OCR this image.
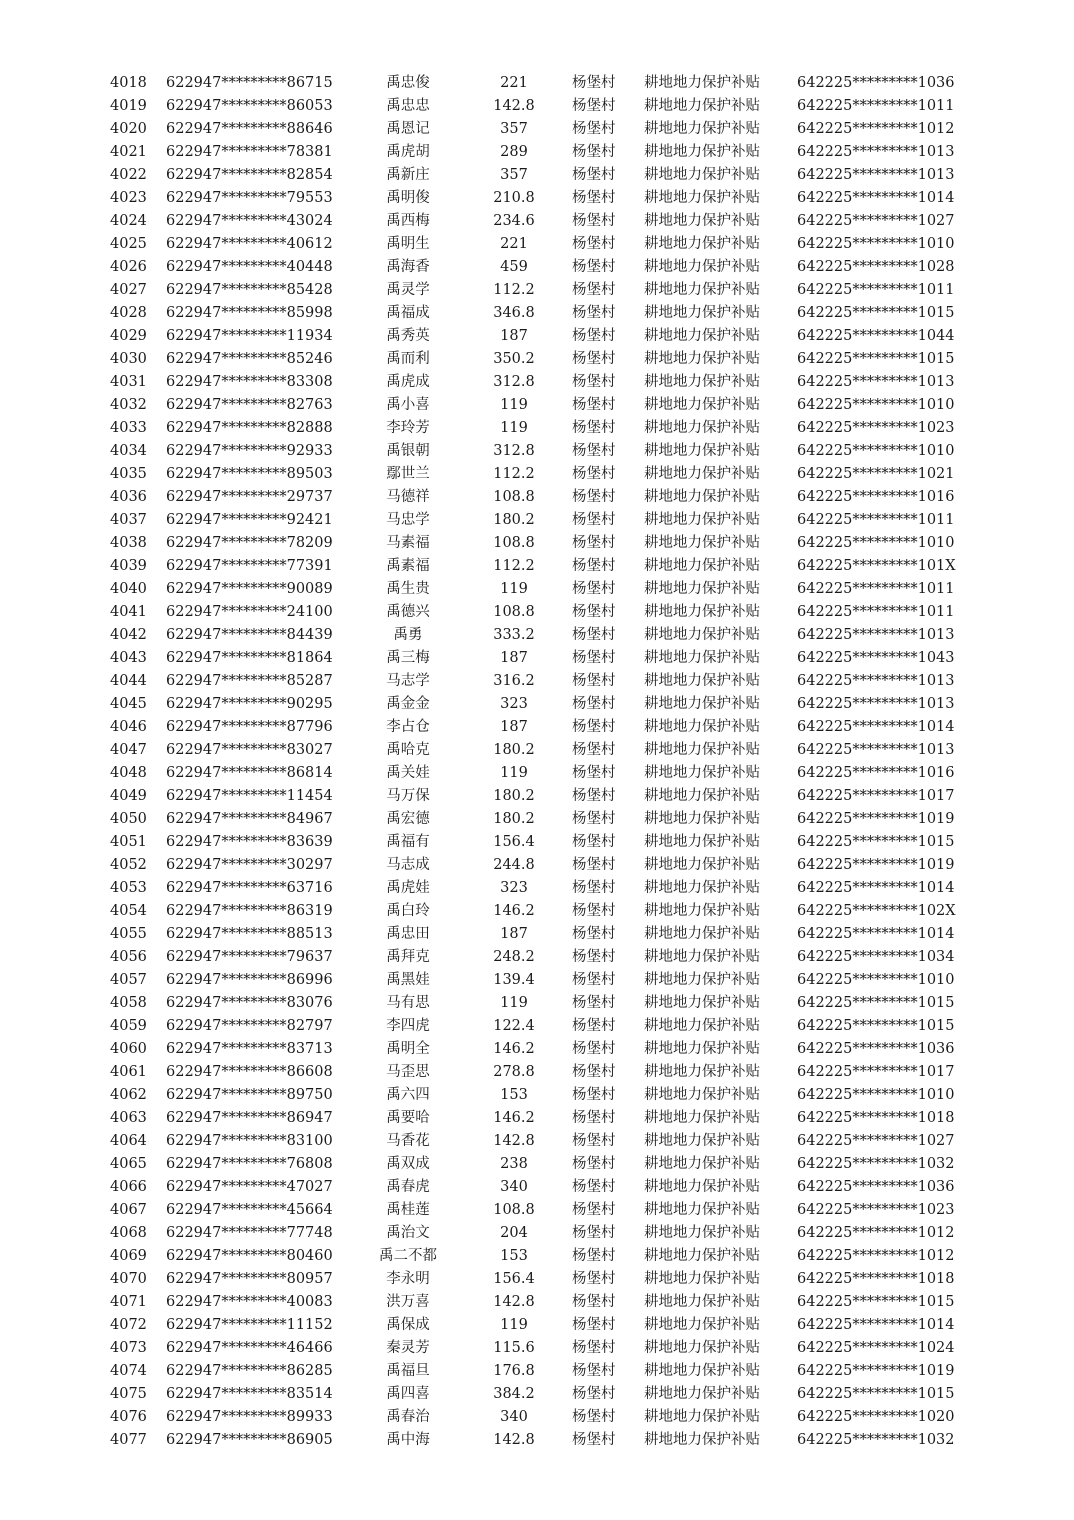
4018 622947*********86715	禹忠俊	221	杨堡村 耕地地力保护补贴	642225*********1036
4019 622947*********86053	禹忠忠	142.8	杨堡村 耕地地力保护补贴	642225*********1011
4020 622947*********88646	禹恩记	357	杨堡村 耕地地力保护补贴	642225*********1012
4021 622947*********78381	禹虎胡	289	杨堡村 耕地地力保护补贴	642225*********1013
4022 622947*********82854	禹新庄	357	杨堡村 耕地地力保护补贴	642225*********1013
4023 622947*********79553	禹明俊	210.8	杨堡村 耕地地力保护补贴	642225*********1014
4024 622947*********43024	禹西梅	234.6	杨堡村 耕地地力保护补贴	642225*********1027
4025 622947*********40612	禹明生	221	杨堡村 耕地地力保护补贴	642225*********1010
4026 622947*********40448	禹海香	459	杨堡村 耕地地力保护补贴	642225*********1028
4027 622947*********85428	禹灵学	112.2	杨堡村 耕地地力保护补贴	642225*********1011
4028 622947*********85998	禹福成	346.8	杨堡村 耕地地力保护补贴	642225*********1015
4029 622947*********11934	禹秀英	187	杨堡村 耕地地力保护补贴	642225*********1044
4030 622947*********85246	禹而利	350.2	杨堡村 耕地地力保护补贴	642225*********1015
4031 622947*********83308	禹虎成	312.8	杨堡村 耕地地力保护补贴	642225*********1013
4032 622947*********82763	禹小喜	119	杨堡村 耕地地力保护补贴	642225*********1010
4033 622947*********82888	李玲芳	119	杨堡村 耕地地力保护补贴	642225*********1023
4034 622947*********92933	禹银朝	312.8	杨堡村 耕地地力保护补贴	642225*********1010
4035 622947*********89503	鄢世兰	112.2	杨堡村 耕地地力保护补贴	642225*********1021
4036 622947*********29737	马德祥	108.8	杨堡村 耕地地力保护补贴	642225*********1016
4037 622947*********92421	马忠学	180.2	杨堡村 耕地地力保护补贴	642225*********1011
4038 622947*********78209	马素福	108.8	杨堡村 耕地地力保护补贴	642225*********1010
4039 622947*********77391	禹素福	112.2	杨堡村 耕地地力保护补贴	642225*********101X
4040 622947*********90089	禹生贵	119	杨堡村 耕地地力保护补贴	642225*********1011
4041 622947*********24100	禹德兴	108.8	杨堡村 耕地地力保护补贴	642225*********1011
4042 622947*********84439	禹勇	333.2	杨堡村 耕地地力保护补贴	642225*********1013
4043 622947*********81864	禹三梅	187	杨堡村 耕地地力保护补贴	642225*********1043
4044 622947*********85287	马志学	316.2	杨堡村 耕地地力保护补贴	642225*********1013
4045 622947*********90295	禹金金	323	杨堡村 耕地地力保护补贴	642225*********1013
4046 622947*********87796	李占仓	187	杨堡村 耕地地力保护补贴	642225*********1014
4047 622947*********83027	禹哈克	180.2	杨堡村 耕地地力保护补贴	642225*********1013
4048 622947*********86814	禹关娃	119	杨堡村 耕地地力保护补贴	642225*********1016
4049 622947*********11454	马万保	180.2	杨堡村 耕地地力保护补贴	642225*********1017
4050 622947*********84967	禹宏德	180.2	杨堡村 耕地地力保护补贴	642225*********1019
4051 622947*********83639	禹福有	156.4	杨堡村 耕地地力保护补贴	642225*********1015
4052 622947*********30297	马志成	244.8	杨堡村 耕地地力保护补贴	642225*********1019
4053 622947*********63716	禹虎娃	323	杨堡村 耕地地力保护补贴	642225*********1014
4054 622947*********86319	禹白玲	146.2	杨堡村 耕地地力保护补贴	642225*********102X
4055 622947*********88513	禹忠田	187	杨堡村 耕地地力保护补贴	642225*********1014
4056 622947*********79637	禹拜克	248.2	杨堡村 耕地地力保护补贴	642225*********1034
4057 622947*********86996	禹黑娃	139.4	杨堡村 耕地地力保护补贴	642225*********1010
4058 622947*********83076	马有思	119	杨堡村 耕地地力保护补贴	642225*********1015
4059 622947*********82797	李四虎	122.4	杨堡村 耕地地力保护补贴	642225*********1015
4060 622947*********83713	禹明全	146.2	杨堡村 耕地地力保护补贴	642225*********1036
4061 622947*********86608	马歪思	278.8	杨堡村 耕地地力保护补贴	642225*********1017
4062 622947*********89750	禹六四	153	杨堡村 耕地地力保护补贴	642225*********1010
4063 622947*********86947	禹要哈	146.2	杨堡村 耕地地力保护补贴	642225*********1018
4064 622947*********83100	马香花	142.8	杨堡村 耕地地力保护补贴	642225*********1027
4065 622947*********76808	禹双成	238	杨堡村 耕地地力保护补贴	642225*********1032
4066 622947*********47027	禹春虎	340	杨堡村 耕地地力保护补贴	642225*********1036
4067 622947*********45664	禹桂莲	108.8	杨堡村 耕地地力保护补贴	642225*********1023
4068 622947*********77748	禹治文	204	杨堡村 耕地地力保护补贴	642225*********1012
4069 622947*********80460	禹二不都	153	杨堡村 耕地地力保护补贴	642225*********1012
4070 622947*********80957	李永明	156.4	杨堡村 耕地地力保护补贴	642225*********1018
4071 622947*********40083	洪万喜	142.8	杨堡村 耕地地力保护补贴	642225*********1015
4072 622947*********11152	禹保成	119	杨堡村 耕地地力保护补贴	642225*********1014
4073 622947*********46466	秦灵芳	115.6	杨堡村 耕地地力保护补贴	642225*********1024
4074 622947*********86285	禹福旦	176.8	杨堡村 耕地地力保护补贴	642225*********1019
4075 622947*********83514	禹四喜	384.2	杨堡村 耕地地力保护补贴	642225*********1015
4076 622947*********89933	禹春治	340	杨堡村 耕地地力保护补贴	642225*********1020
4077 622947*********86905	禹中海	142.8	杨堡村 耕地地力保护补贴	642225*********1032
